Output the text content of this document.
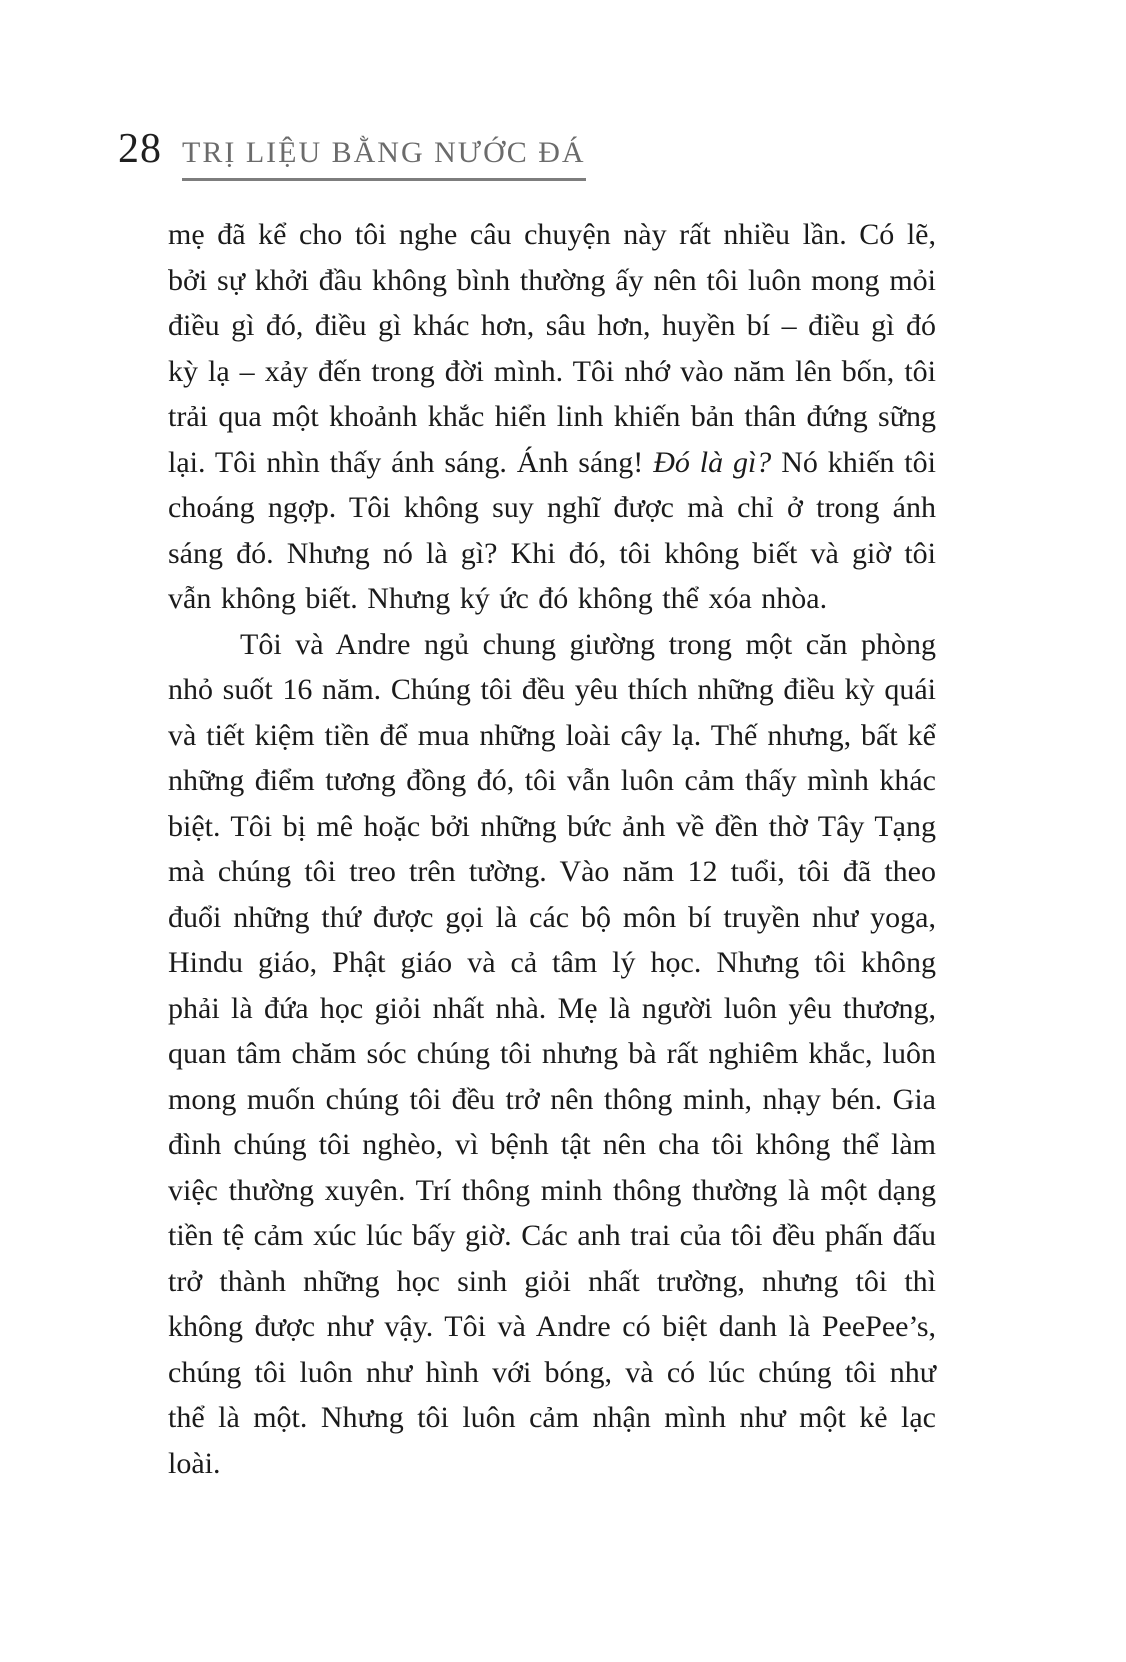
28 TRỊ LIỆU BẰNG NƯỚC ĐÁ

mẹ đã kể cho tôi nghe câu chuyện này rất nhiều lần. Có lẽ, bởi sự khởi đầu không bình thường ấy nên tôi luôn mong mỏi điều gì đó, điều gì khác hơn, sâu hơn, huyền bí – điều gì đó kỳ lạ – xảy đến trong đời mình. Tôi nhớ vào năm lên bốn, tôi trải qua một khoảnh khắc hiển linh khiến bản thân đứng sững lại. Tôi nhìn thấy ánh sáng. Ánh sáng! Đó là gì? Nó khiến tôi choáng ngợp. Tôi không suy nghĩ được mà chỉ ở trong ánh sáng đó. Nhưng nó là gì? Khi đó, tôi không biết và giờ tôi vẫn không biết. Nhưng ký ức đó không thể xóa nhòa.

Tôi và Andre ngủ chung giường trong một căn phòng nhỏ suốt 16 năm. Chúng tôi đều yêu thích những điều kỳ quái và tiết kiệm tiền để mua những loài cây lạ. Thế nhưng, bất kể những điểm tương đồng đó, tôi vẫn luôn cảm thấy mình khác biệt. Tôi bị mê hoặc bởi những bức ảnh về đền thờ Tây Tạng mà chúng tôi treo trên tường. Vào năm 12 tuổi, tôi đã theo đuổi những thứ được gọi là các bộ môn bí truyền như yoga, Hindu giáo, Phật giáo và cả tâm lý học. Nhưng tôi không phải là đứa học giỏi nhất nhà. Mẹ là người luôn yêu thương, quan tâm chăm sóc chúng tôi nhưng bà rất nghiêm khắc, luôn mong muốn chúng tôi đều trở nên thông minh, nhạy bén. Gia đình chúng tôi nghèo, vì bệnh tật nên cha tôi không thể làm việc thường xuyên. Trí thông minh thông thường là một dạng tiền tệ cảm xúc lúc bấy giờ. Các anh trai của tôi đều phấn đấu trở thành những học sinh giỏi nhất trường, nhưng tôi thì không được như vậy. Tôi và Andre có biệt danh là PeePee’s, chúng tôi luôn như hình với bóng, và có lúc chúng tôi như thể là một. Nhưng tôi luôn cảm nhận mình như một kẻ lạc loài.
